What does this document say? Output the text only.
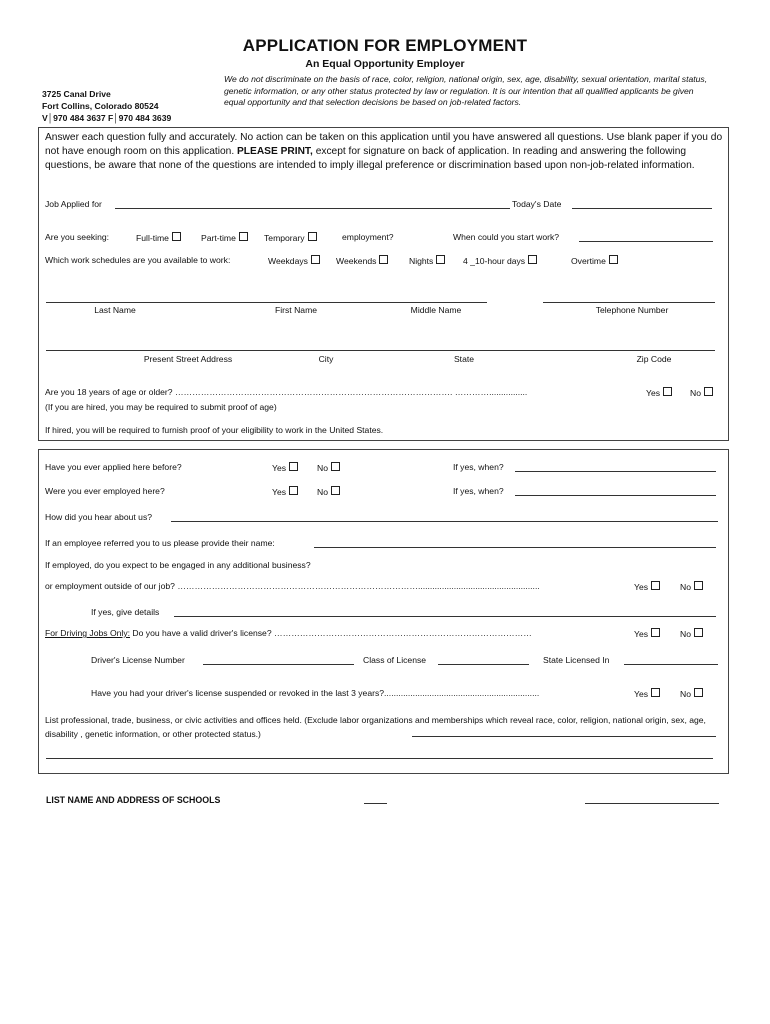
APPLICATION FOR EMPLOYMENT
An Equal Opportunity Employer
3725 Canal Drive
Fort Collins, Colorado 80524
V│970 484 3637 F│970 484 3639
We do not discriminate on the basis of race, color, religion, national origin, sex, age, disability, sexual orientation, marital status, genetic information, or any other status protected by law or regulation. It is our intention that all qualified applicants be given equal opportunity and that selection decisions be based on job-related factors.
Answer each question fully and accurately. No action can be taken on this application until you have answered all questions. Use blank paper if you do not have enough room on this application. PLEASE PRINT, except for signature on back of application. In reading and answering the following questions, be aware that none of the questions are intended to imply illegal preference or discrimination based upon non-job-related information.
Job Applied for	Today's Date
Are you seeking:	Full-time	Part-time	Temporary	employment?	When could you start work?
Which work schedules are you available to work:	Weekdays	Weekends	Nights	4 _10-hour days	Overtime
Last Name	First Name	Middle Name	Telephone Number
Present Street Address	City	State	Zip Code
Are you 18 years of age or older? ……………………………………………………………………………………. …………................	Yes	No
(If you are hired, you may be required to submit proof of age)
If hired, you will be required to furnish proof of your eligibility to work in the United States.
Have you ever applied here before?	Yes	No	If yes, when?
Were you ever employed here?	Yes	No	If yes, when?
How did you hear about us?
If an employee referred you to us please provide their name:
If employed, do you expect to be engaged in any additional business?
or employment outside of our job? …………………………………………………………………………...................................................	Yes	No
If yes, give details
For Driving Jobs Only: Do you have a valid driver's license? ………………………………………………………………………………	Yes	No
Driver's License Number	Class of License	State Licensed In
Have you had your driver's license suspended or revoked in the last 3 years?.................................................................	Yes	No
List professional, trade, business, or civic activities and offices held. (Exclude labor organizations and memberships which reveal race, color, religion, national origin, sex, age, disability , genetic information, or other protected status.)
LIST NAME AND ADDRESS OF SCHOOLS
